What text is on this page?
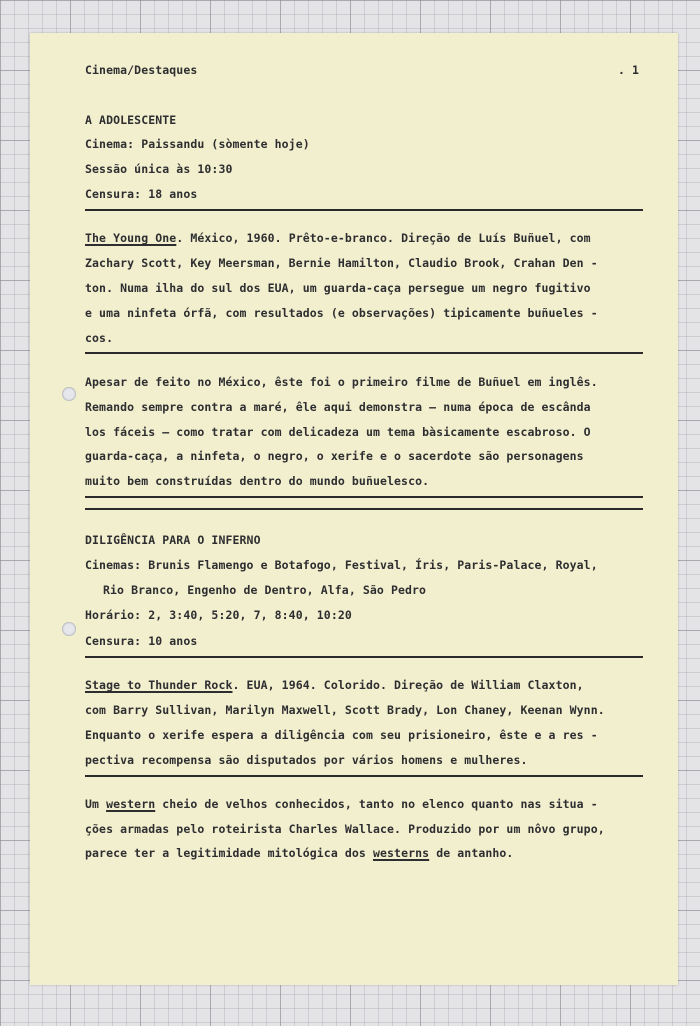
Cinema/Destaques	. 1

A ADOLESCENTE

Cinema: Paissandu (sòmente hoje)

Sessão única às 10:30

Censura: 18 anos

The Young One. México, 1960. Prêto-e-branco. Direção de Luís Buñuel, com

Zachary Scott, Key Meersman, Bernie Hamilton, Claudio Brook, Crahan Den -

ton. Numa ilha do sul dos EUA, um guarda-caça persegue um negro fugitivo

e uma ninfeta órfã, com resultados (e observações) tipicamente buñueles -

cos.

Apesar de feito no México, êste foi o primeiro filme de Buñuel em inglês.

Remando sempre contra a maré, êle aqui demonstra — numa época de escânda

los fáceis — como tratar com delicadeza um tema bàsicamente escabroso. O

guarda-caça, a ninfeta, o negro, o xerife e o sacerdote são personagens

muito bem construídas dentro do mundo buñuelesco.

DILIGÊNCIA PARA O INFERNO

Cinemas: Brunis Flamengo e Botafogo, Festival, Íris, Paris-Palace, Royal,

Rio Branco, Engenho de Dentro, Alfa, São Pedro

Horário: 2, 3:40, 5:20, 7, 8:40, 10:20

Censura: 10 anos

Stage to Thunder Rock. EUA, 1964. Colorido. Direção de William Claxton,

com Barry Sullivan, Marilyn Maxwell, Scott Brady, Lon Chaney, Keenan Wynn.

Enquanto o xerife espera a diligência com seu prisioneiro, êste e a res -

pectiva recompensa são disputados por vários homens e mulheres.

Um western cheio de velhos conhecidos, tanto no elenco quanto nas situa -

ções armadas pelo roteirista Charles Wallace. Produzido por um nôvo grupo,

parece ter a legitimidade mitológica dos westerns de antanho.
